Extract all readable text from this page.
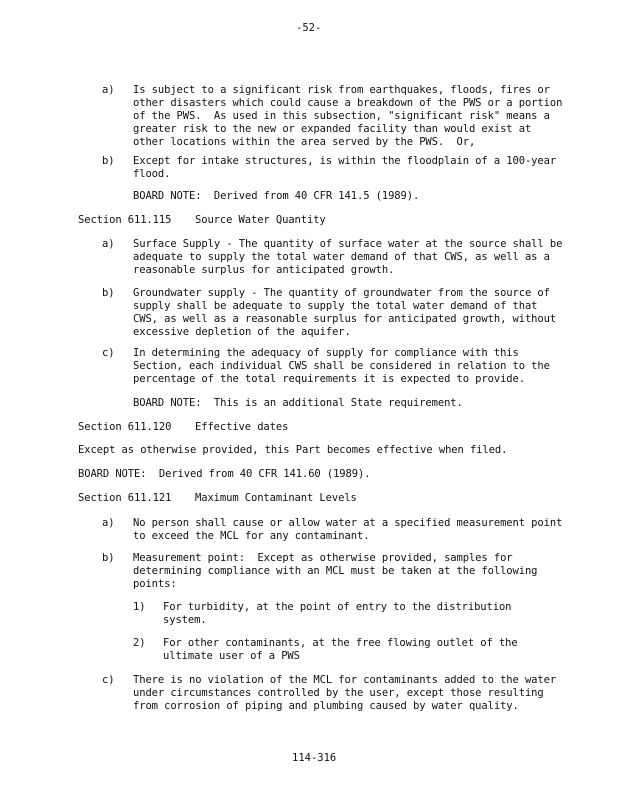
-52-
a) Is subject to a significant risk from earthquakes, floods, fires or
other disasters which could cause a breakdown of the PWS or a portion
of the PWS.  As used in this subsection, "significant risk" means a
greater risk to the new or expanded facility than would exist at
other locations within the area served by the PWS.  Or,
b) Except for intake structures, is within the floodplain of a 100-year
flood.
BOARD NOTE:  Derived from 40 CFR 141.5 (1989).
Section 611.115 Source Water Quantity
a) Surface Supply - The quantity of surface water at the source shall be
adequate to supply the total water demand of that CWS, as well as a
reasonable surplus for anticipated growth.
b) Groundwater supply - The quantity of groundwater from the source of
supply shall be adequate to supply the total water demand of that
CWS, as well as a reasonable surplus for anticipated growth, without
excessive depletion of the aquifer.
c) In determining the adequacy of supply for compliance with this
Section, each individual CWS shall be considered in relation to the
percentage of the total requirements it is expected to provide.
BOARD NOTE:  This is an additional State requirement.
Section 611.120 Effective dates
Except as otherwise provided, this Part becomes effective when filed.
BOARD NOTE:  Derived from 40 CFR 141.60 (1989).
Section 611.121 Maximum Contaminant Levels
a) No person shall cause or allow water at a specified measurement point
to exceed the MCL for any contaminant.
b) Measurement point:  Except as otherwise provided, samples for
determining compliance with an MCL must be taken at the following
points:
1) For turbidity, at the point of entry to the distribution
system.
2) For other contaminants, at the free flowing outlet of the
ultimate user of a PWS
c) There is no violation of the MCL for contaminants added to the water
under circumstances controlled by the user, except those resulting
from corrosion of piping and plumbing caused by water quality.
114-316
